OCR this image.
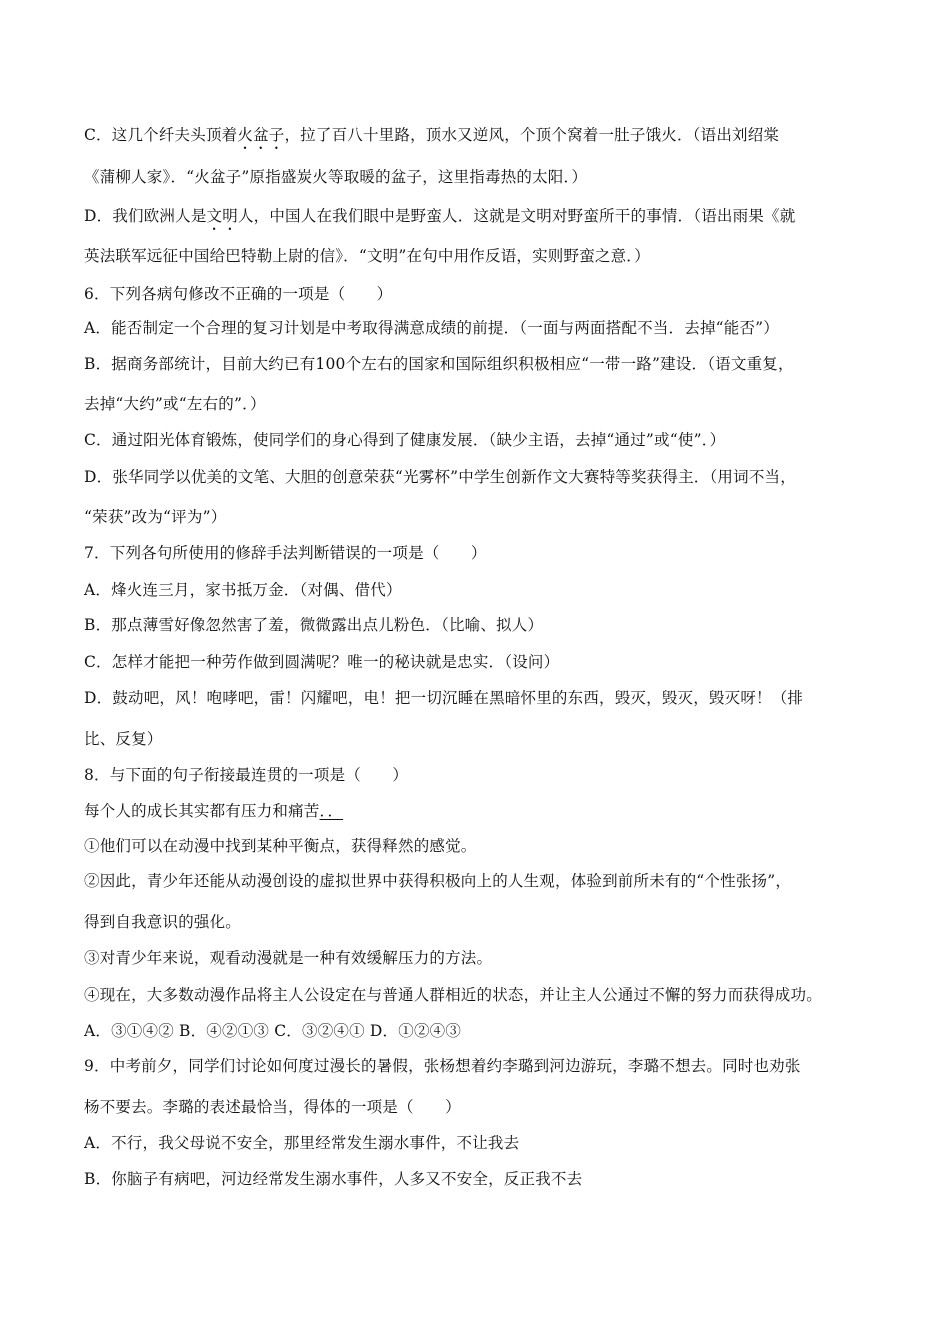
C．这几个纤夫头顶着火盆子，拉了百八十里路，顶水又逆风，个顶个窝着一肚子饿火．（语出刘绍棠
《蒲柳人家》．“火盆子”原指盛炭火等取暖的盆子，这里指毒热的太阳．）
D．我们欧洲人是文明人，中国人在我们眼中是野蛮人．这就是文明对野蛮所干的事情．（语出雨果《就
英法联军远征中国给巴特勒上尉的信》．“文明”在句中用作反语，实则野蛮之意．）
6．下列各病句修改不正确的一项是（　　）
A．能否制定一个合理的复习计划是中考取得满意成绩的前提．（一面与两面搭配不当．去掉“能否”）
B．据商务部统计，目前大约已有100个左右的国家和国际组织积极相应“一带一路”建设．（语文重复，
去掉“大约”或“左右的”．）
C．通过阳光体育锻炼，使同学们的身心得到了健康发展．（缺少主语，去掉“通过”或“使”．）
D．张华同学以优美的文笔、大胆的创意荣获“光雾杯”中学生创新作文大赛特等奖获得主．（用词不当，
“荣获”改为“评为”）
7．下列各句所使用的修辞手法判断错误的一项是（　　）
A．烽火连三月，家书抵万金．（对偶、借代）
B．那点薄雪好像忽然害了羞，微微露出点儿粉色．（比喻、拟人）
C．怎样才能把一种劳作做到圆满呢？唯一的秘诀就是忠实．（设问）
D．鼓动吧，风！咆哮吧，雷！闪耀吧，电！把一切沉睡在黑暗怀里的东西，毁灭，毁灭，毁灭呀！（排
比、反复）
8．与下面的句子衔接最连贯的一项是（　　）
每个人的成长其实都有压力和痛苦．．
①他们可以在动漫中找到某种平衡点，获得释然的感觉。
②因此，青少年还能从动漫创设的虚拟世界中获得积极向上的人生观，体验到前所未有的“个性张扬”，
得到自我意识的强化。
③对青少年来说，观看动漫就是一种有效缓解压力的方法。
④现在，大多数动漫作品将主人公设定在与普通人群相近的状态，并让主人公通过不懈的努力而获得成功。
A．③①④② B．④②①③ C．③②④① D．①②④③
9．中考前夕，同学们讨论如何度过漫长的暑假，张杨想着约李璐到河边游玩，李璐不想去。同时也劝张
杨不要去。李璐的表述最恰当，得体的一项是（　　）
A．不行，我父母说不安全，那里经常发生溺水事件，不让我去
B．你脑子有病吧，河边经常发生溺水事件，人多又不安全，反正我不去
